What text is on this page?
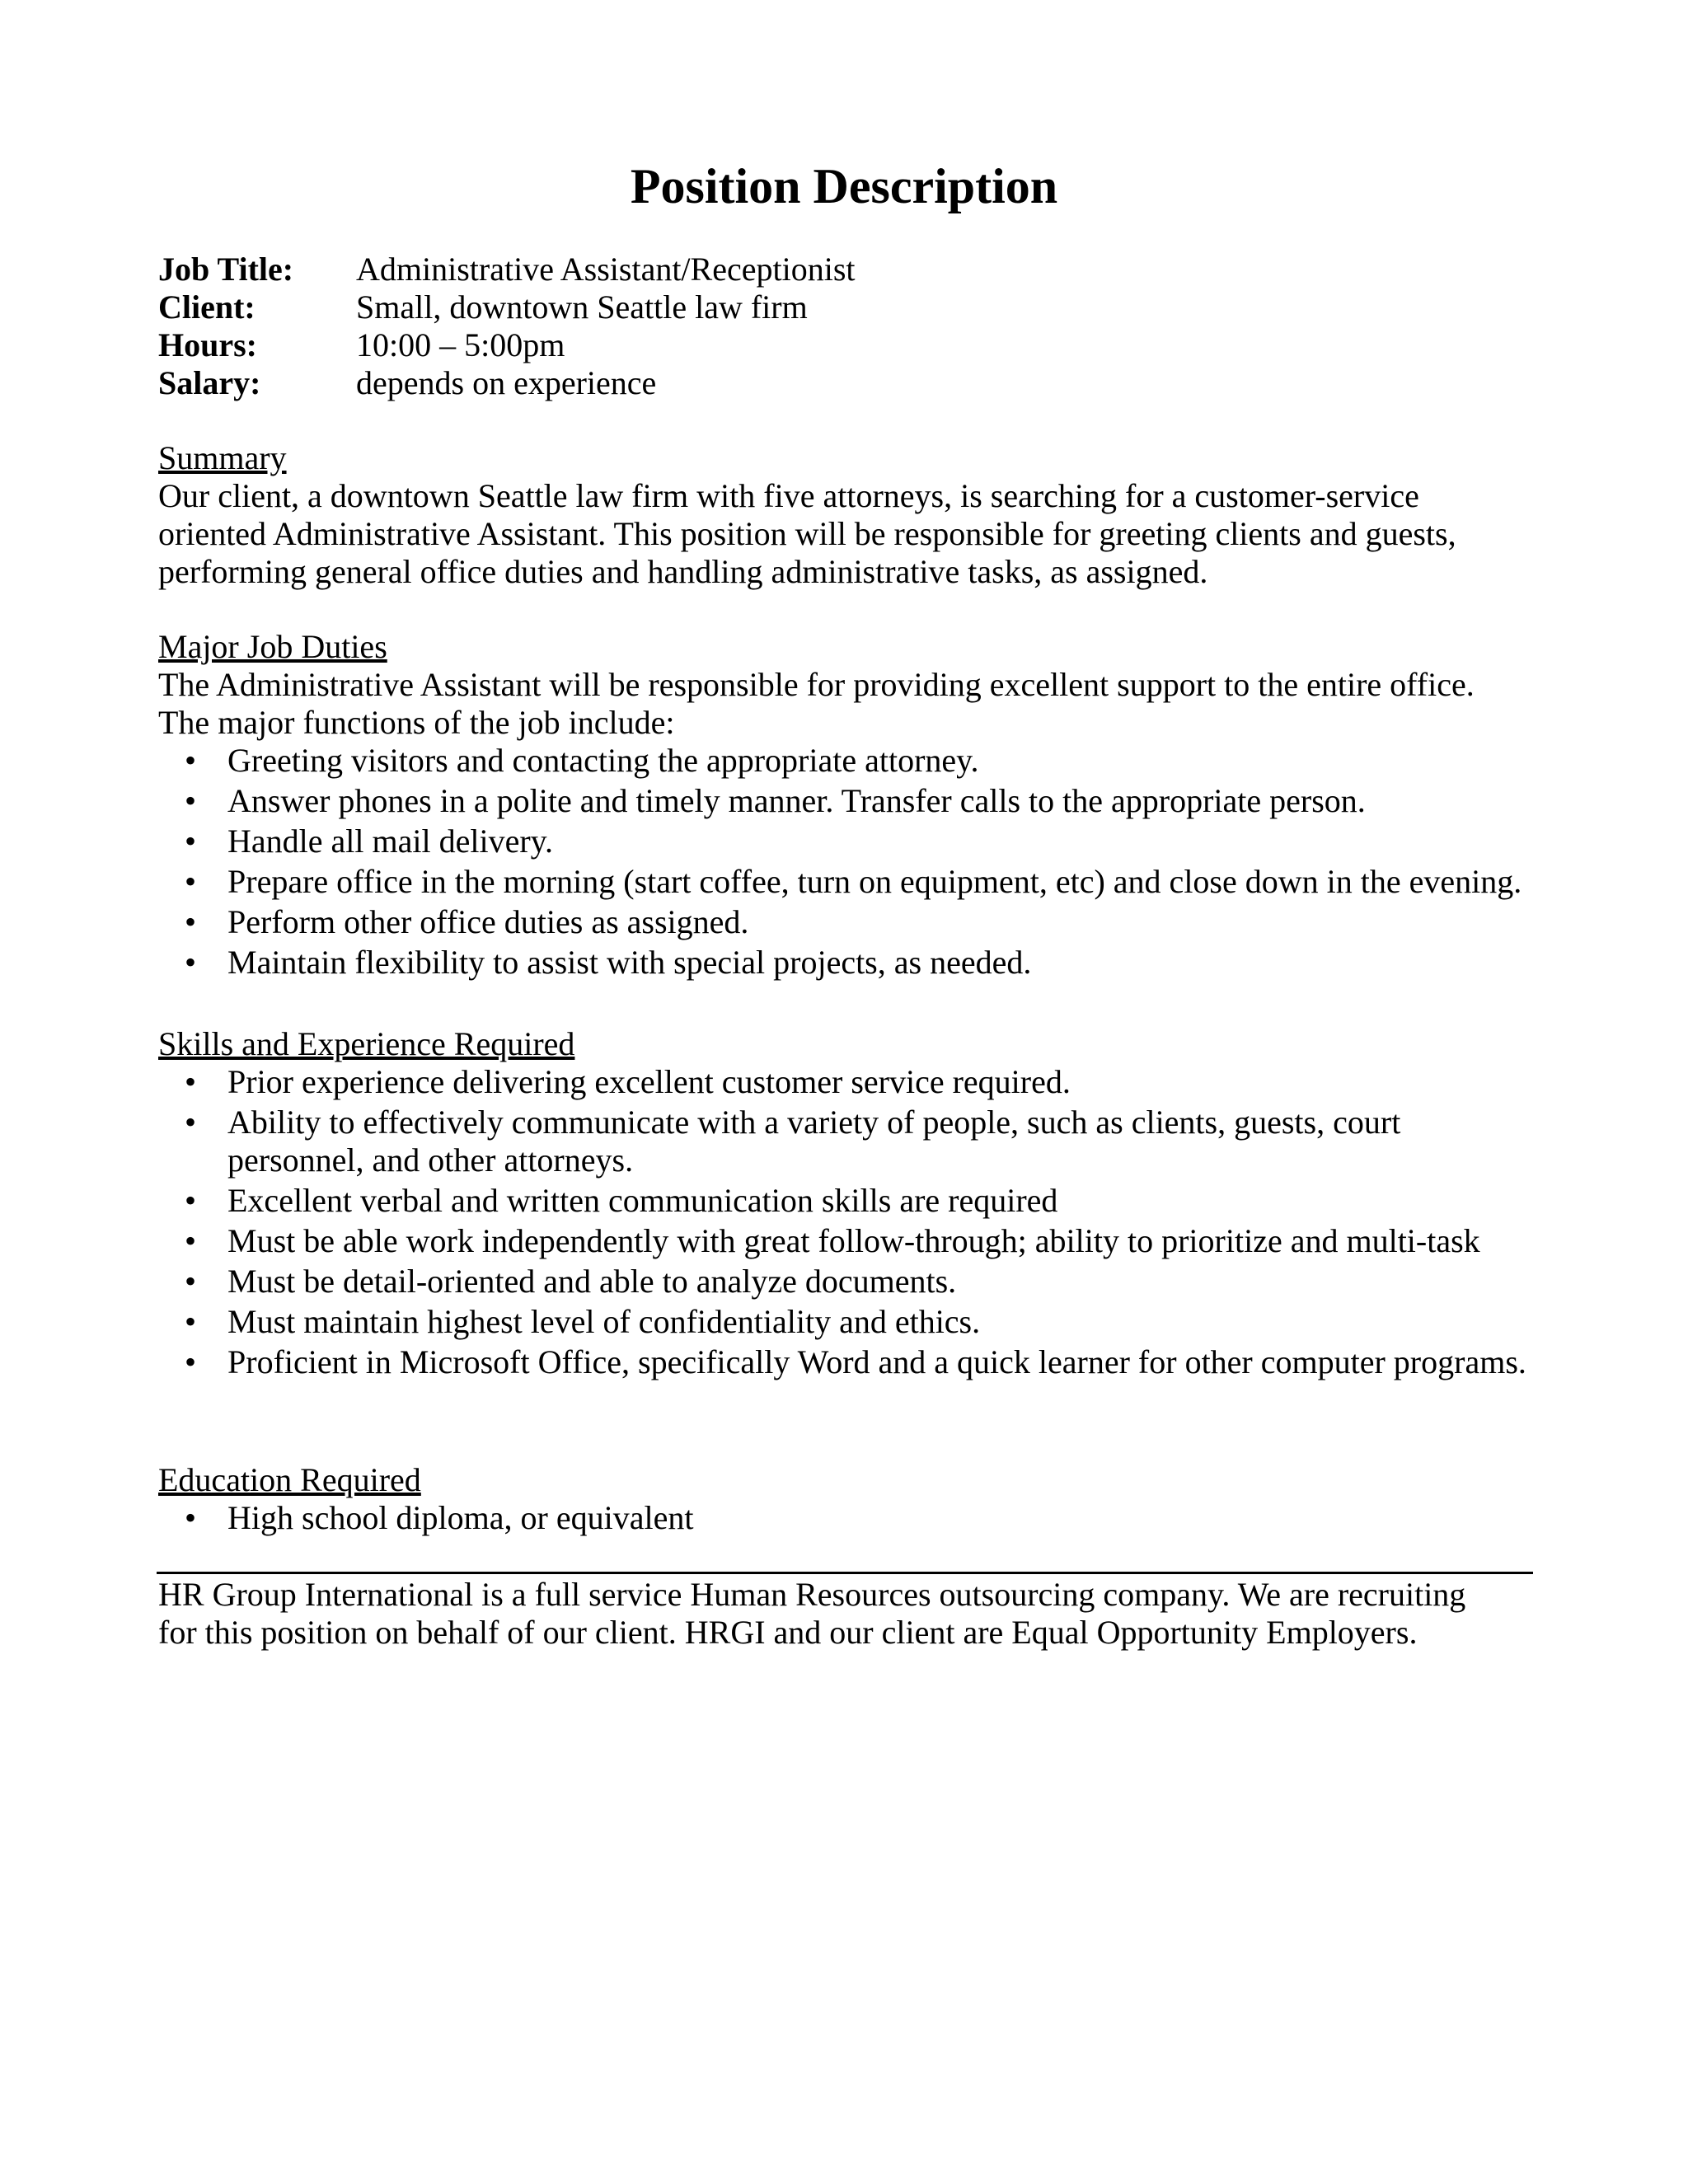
Position Description
Job Title:	Administrative Assistant/Receptionist
Client:	Small, downtown Seattle law firm
Hours:	10:00 – 5:00pm
Salary:	depends on experience
Summary
Our client, a downtown Seattle law firm with five attorneys, is searching for a customer-service
oriented Administrative Assistant. This position will be responsible for greeting clients and guests,
performing general office duties and handling administrative tasks, as assigned.
Major Job Duties
The Administrative Assistant will be responsible for providing excellent support to the entire office.
The major functions of the job include:
• Greeting visitors and contacting the appropriate attorney.
• Answer phones in a polite and timely manner. Transfer calls to the appropriate person.
• Handle all mail delivery.
• Prepare office in the morning (start coffee, turn on equipment, etc) and close down in the evening.
• Perform other office duties as assigned.
• Maintain flexibility to assist with special projects, as needed.
Skills and Experience Required
• Prior experience delivering excellent customer service required.
• Ability to effectively communicate with a variety of people, such as clients, guests, court personnel, and other attorneys.
• Excellent verbal and written communication skills are required
• Must be able work independently with great follow-through; ability to prioritize and multi-task
• Must be detail-oriented and able to analyze documents.
• Must maintain highest level of confidentiality and ethics.
• Proficient in Microsoft Office, specifically Word and a quick learner for other computer programs.
Education Required
• High school diploma, or equivalent
HR Group International is a full service Human Resources outsourcing company. We are recruiting
for this position on behalf of our client. HRGI and our client are Equal Opportunity Employers.
